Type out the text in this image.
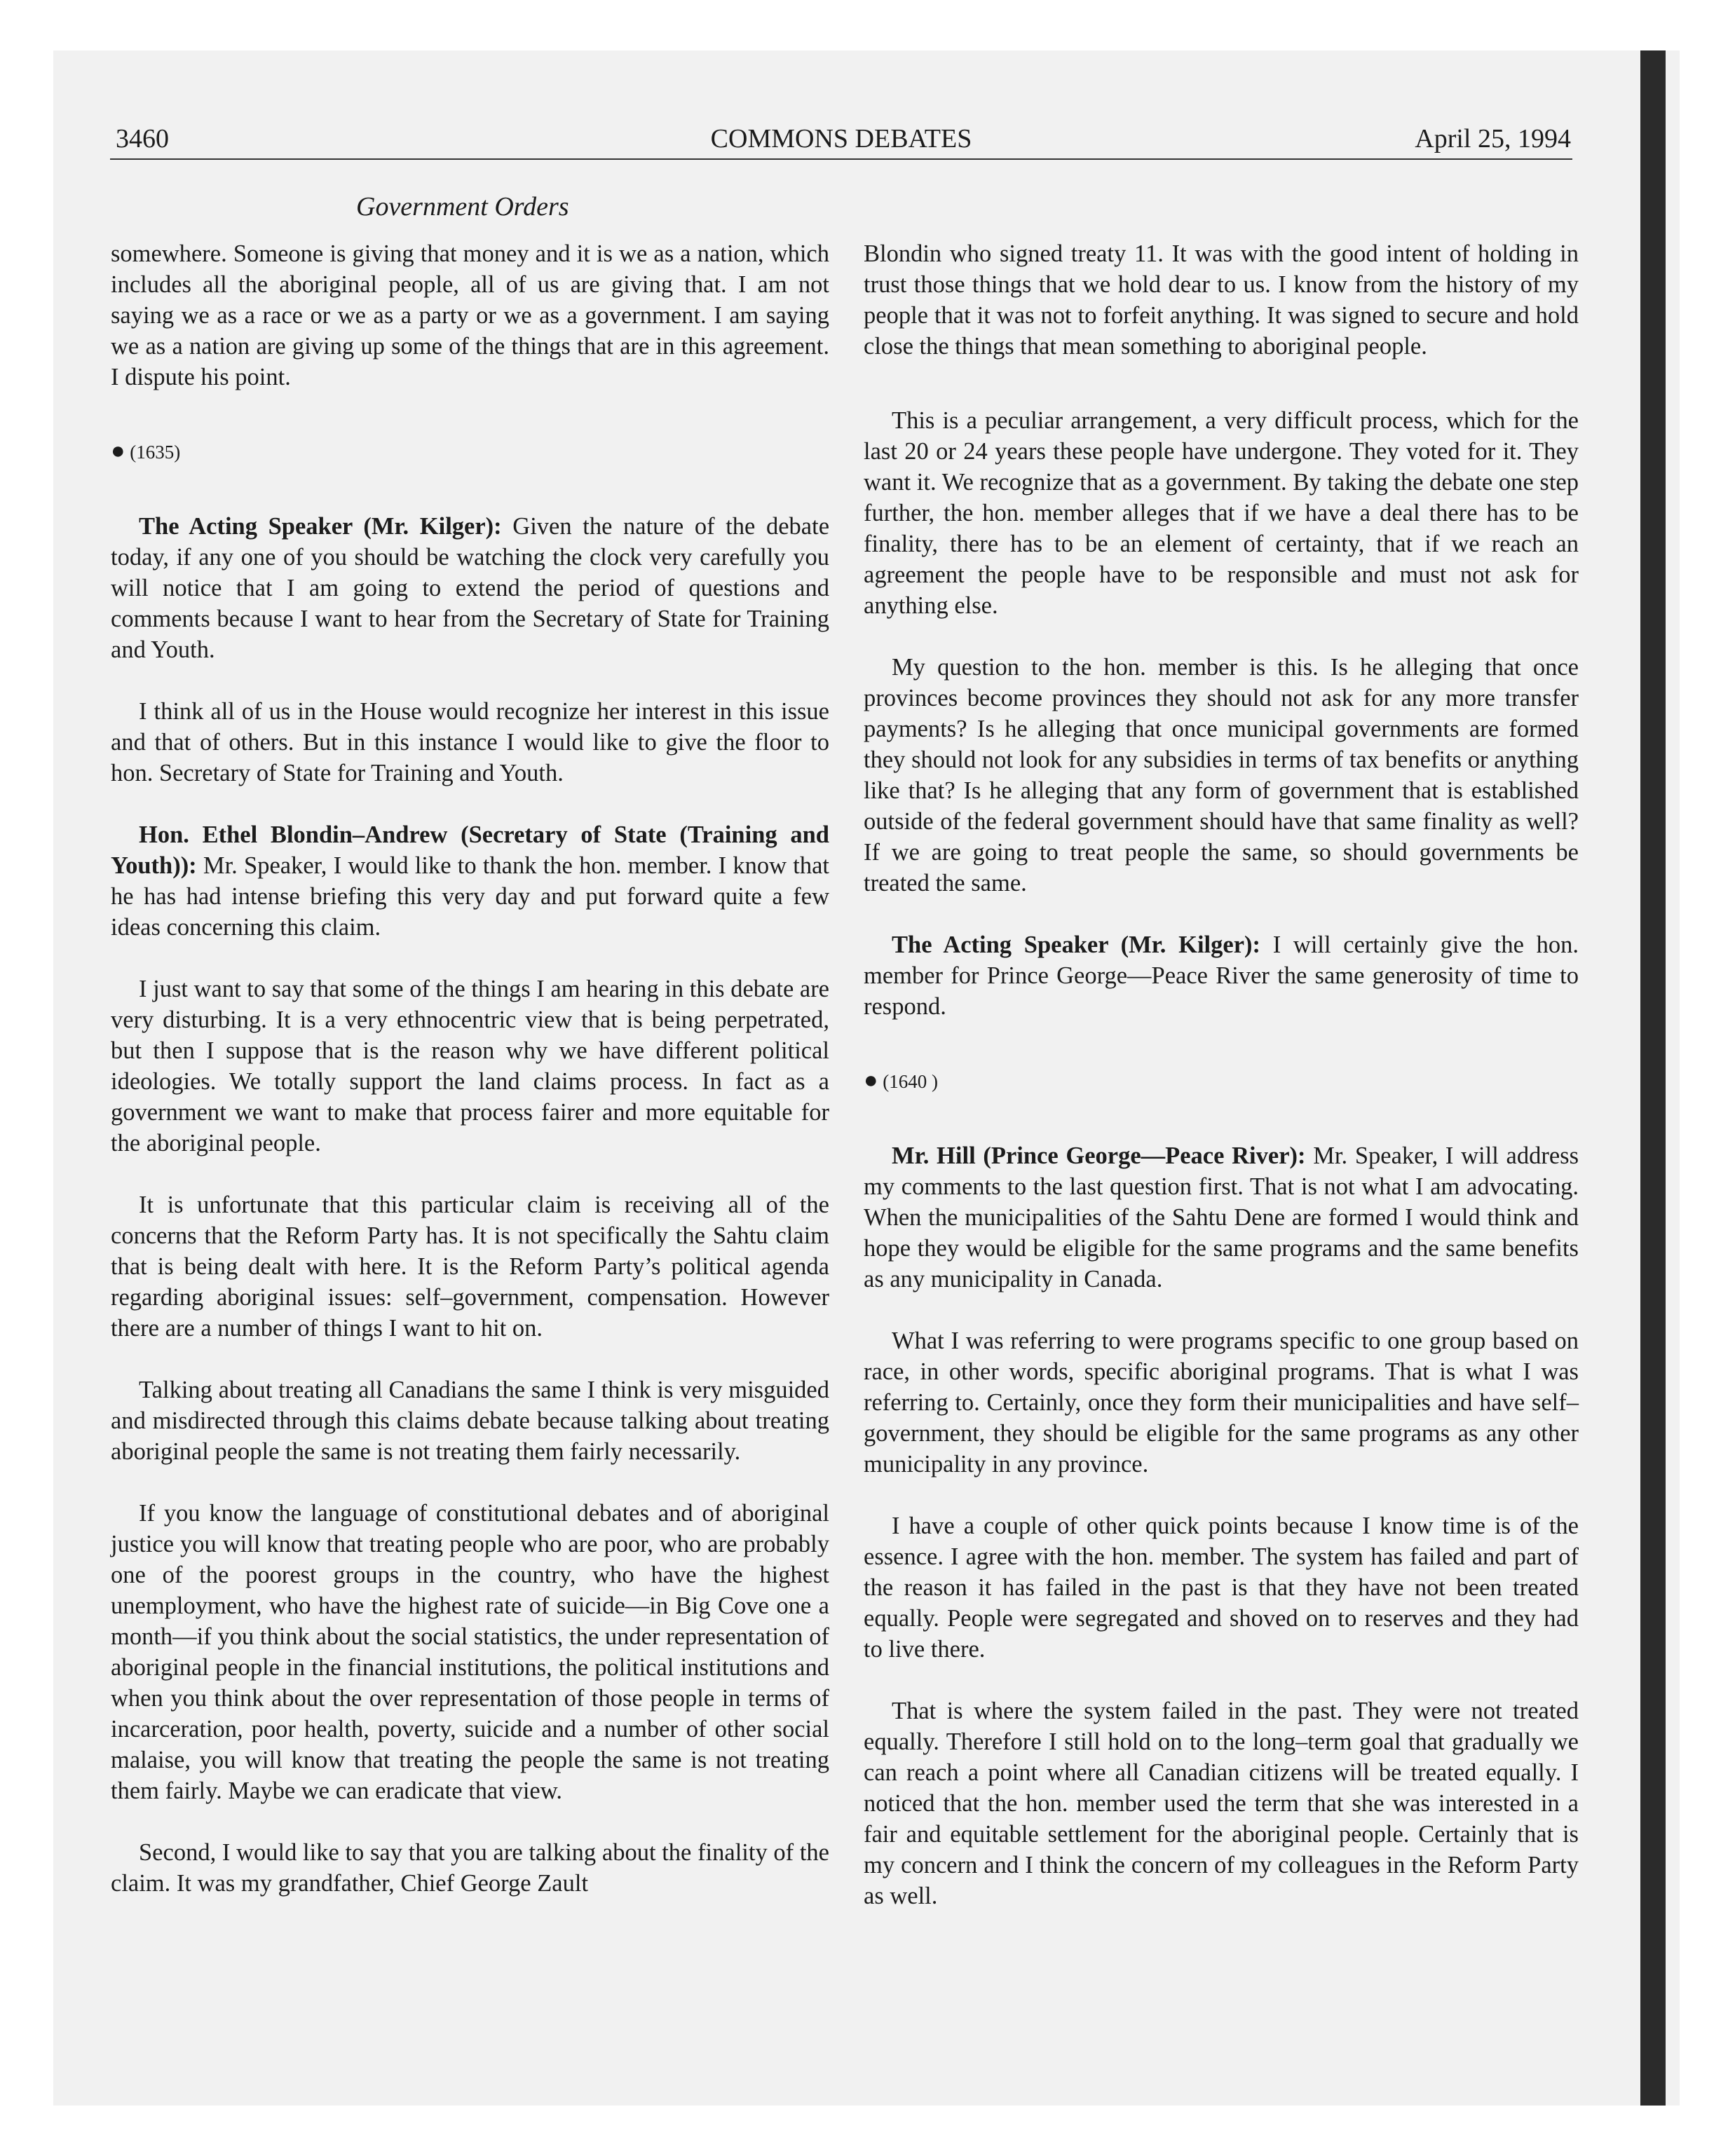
3460	COMMONS DEBATES	April 25, 1994
Government Orders

somewhere. Someone is giving that money and it is we as a nation, which includes all the aboriginal people, all of us are giving that. I am not saying we as a race or we as a party or we as a government. I am saying we as a nation are giving up some of the things that are in this agreement. I dispute his point.

● (1635)

The Acting Speaker (Mr. Kilger): Given the nature of the debate today, if any one of you should be watching the clock very carefully you will notice that I am going to extend the period of questions and comments because I want to hear from the Secretary of State for Training and Youth.

I think all of us in the House would recognize her interest in this issue and that of others. But in this instance I would like to give the floor to hon. Secretary of State for Training and Youth.

Hon. Ethel Blondin–Andrew (Secretary of State (Training and Youth)): Mr. Speaker, I would like to thank the hon. member. I know that he has had intense briefing this very day and put forward quite a few ideas concerning this claim.

I just want to say that some of the things I am hearing in this debate are very disturbing. It is a very ethnocentric view that is being perpetrated, but then I suppose that is the reason why we have different political ideologies. We totally support the land claims process. In fact as a government we want to make that process fairer and more equitable for the aboriginal people.

It is unfortunate that this particular claim is receiving all of the concerns that the Reform Party has. It is not specifically the Sahtu claim that is being dealt with here. It is the Reform Party’s political agenda regarding aboriginal issues: self–government, compensation. However there are a number of things I want to hit on.

Talking about treating all Canadians the same I think is very misguided and misdirected through this claims debate because talking about treating aboriginal people the same is not treating them fairly necessarily.

If you know the language of constitutional debates and of aboriginal justice you will know that treating people who are poor, who are probably one of the poorest groups in the country, who have the highest unemployment, who have the highest rate of suicide—in Big Cove one a month—if you think about the social statistics, the under representation of aboriginal people in the financial institutions, the political institutions and when you think about the over representation of those people in terms of incarceration, poor health, poverty, suicide and a number of other social malaise, you will know that treating the people the same is not treating them fairly. Maybe we can eradicate that view.

Second, I would like to say that you are talking about the finality of the claim. It was my grandfather, Chief George Zault

Blondin who signed treaty 11. It was with the good intent of holding in trust those things that we hold dear to us. I know from the history of my people that it was not to forfeit anything. It was signed to secure and hold close the things that mean something to aboriginal people.

This is a peculiar arrangement, a very difficult process, which for the last 20 or 24 years these people have undergone. They voted for it. They want it. We recognize that as a government. By taking the debate one step further, the hon. member alleges that if we have a deal there has to be finality, there has to be an element of certainty, that if we reach an agreement the people have to be responsible and must not ask for anything else.

My question to the hon. member is this. Is he alleging that once provinces become provinces they should not ask for any more transfer payments? Is he alleging that once municipal governments are formed they should not look for any subsidies in terms of tax benefits or anything like that? Is he alleging that any form of government that is established outside of the federal government should have that same finality as well? If we are going to treat people the same, so should governments be treated the same.

The Acting Speaker (Mr. Kilger): I will certainly give the hon. member for Prince George—Peace River the same generosity of time to respond.

● (1640 )

Mr. Hill (Prince George—Peace River): Mr. Speaker, I will address my comments to the last question first. That is not what I am advocating. When the municipalities of the Sahtu Dene are formed I would think and hope they would be eligible for the same programs and the same benefits as any municipality in Canada.

What I was referring to were programs specific to one group based on race, in other words, specific aboriginal programs. That is what I was referring to. Certainly, once they form their municipalities and have self–government, they should be eligible for the same programs as any other municipality in any province.

I have a couple of other quick points because I know time is of the essence. I agree with the hon. member. The system has failed and part of the reason it has failed in the past is that they have not been treated equally. People were segregated and shoved on to reserves and they had to live there.

That is where the system failed in the past. They were not treated equally. Therefore I still hold on to the long–term goal that gradually we can reach a point where all Canadian citizens will be treated equally. I noticed that the hon. member used the term that she was interested in a fair and equitable settlement for the aboriginal people. Certainly that is my concern and I think the concern of my colleagues in the Reform Party as well.
